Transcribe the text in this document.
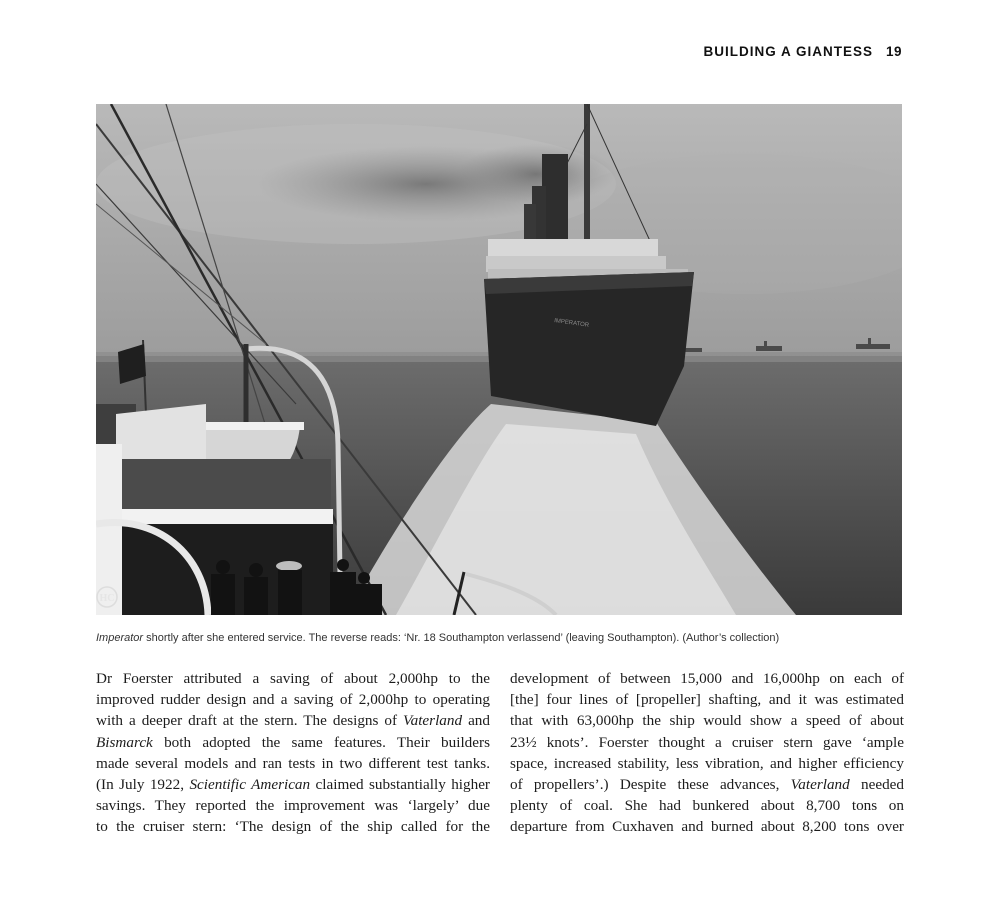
BUILDING A GIANTESS 19
IMPERATOR
HC
Imperator shortly after she entered service. The reverse reads: ‘Nr. 18 Southampton verlassend’ (leaving Southampton). (Author’s collection)
Dr Foerster attributed a saving of about 2,000hp to the
improved rudder design and a saving of 2,000hp to operating
with a deeper draft at the stern. The designs of Vaterland and
Bismarck both adopted the same features. Their builders
made several models and ran tests in two different test tanks.
(In July 1922, Scientific American claimed substantially higher
savings. They reported the improvement was ‘largely’ due
to the cruiser stern: ‘The design of the ship called for the
development of between 15,000 and 16,000hp on each of
[the] four lines of [propeller] shafting, and it was estimated
that with 63,000hp the ship would show a speed of about
23½ knots’. Foerster thought a cruiser stern gave ‘ample
space, increased stability, less vibration, and higher efficiency
of propellers’.) Despite these advances, Vaterland needed
plenty of coal. She had bunkered about 8,700 tons on
departure from Cuxhaven and burned about 8,200 tons over
